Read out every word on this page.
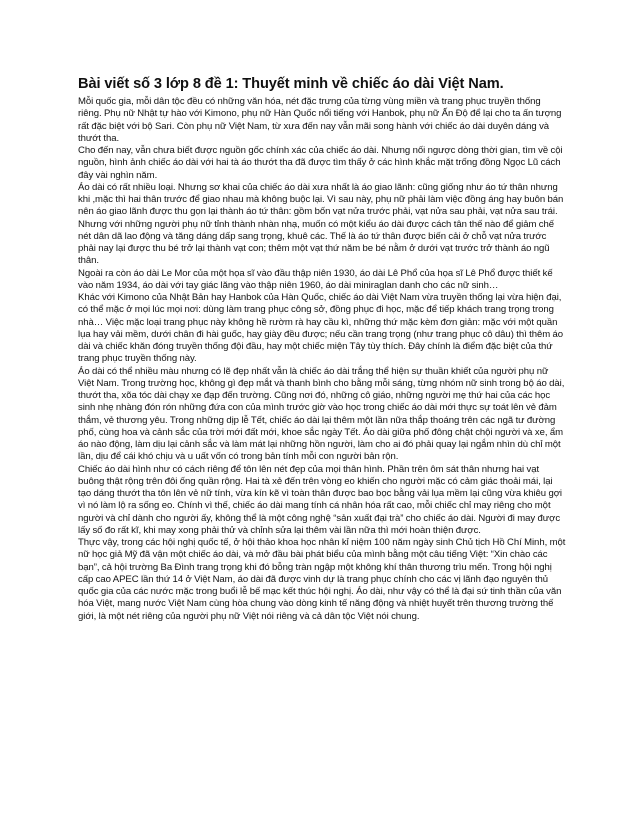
Bài viết số 3 lớp 8 đề 1: Thuyết minh về chiếc áo dài Việt Nam.

Mỗi quốc gia, mỗi dân tộc đều có những văn hóa, nét đặc trưng của từng vùng miền và trang phục truyền thống riêng. Phụ nữ Nhật tự hào với Kimono, phụ nữ Hàn Quốc nổi tiếng với Hanbok, phụ nữ Ấn Độ để lại cho ta ấn tượng rất đặc biệt với bộ Sari. Còn phụ nữ Việt Nam, từ xưa đến nay vẫn mãi song hành với chiếc áo dài duyên dáng và thướt tha.

Cho đến nay, vẫn chưa biết được nguồn gốc chính xác của chiếc áo dài. Nhưng nối ngược dòng thời gian, tìm về cội nguồn, hình ảnh chiếc áo dài với hai tà áo thướt tha đã được tìm thấy ở các hình khắc mặt trống đồng Ngọc Lũ cách đây vài nghìn năm.

Áo dài có rất nhiều loại. Nhưng sơ khai của chiếc áo dài xưa nhất là áo giao lãnh: cũng giống như áo tứ thân nhưng khi ,mặc thì hai thân trước để giao nhau mà không buộc lại. Vì sau này, phụ nữ phải làm việc đồng áng hay buôn bán nên áo giao lãnh được thu gọn lại thành áo tứ thân: gồm bốn vạt nửa trước phải, vạt nửa sau phải, vạt nửa sau trái. Nhưng với những người phụ nữ tỉnh thành nhàn nhạ, muốn có một kiểu áo dài được cách tân thế nào để giảm chế nét dân dã lao động và tăng dáng dấp sang trọng, khuê các. Thế là áo tứ thân được biến cải ở chỗ vạt nửa trước phải nay lại được thu bé trở lại thành vạt con; thêm một vạt thứ năm be bé nằm ở dưới vạt trước trở thành áo ngũ thân.

Ngoài ra còn áo dài Le Mor của một họa sĩ vào đầu thập niên 1930, áo dài Lê Phổ của họa sĩ Lê Phổ được thiết kế vào năm 1934, áo dài với tay giác lăng vào thập niên 1960, áo dài miniraglan danh cho các nữ sinh…

Khác với Kimono của Nhật Bản hay Hanbok của Hàn Quốc, chiếc áo dài Việt Nam vừa truyền thống lại vừa hiện đại, có thể mặc ở mọi lúc mọi nơi: dùng làm trang phục công sở, đồng phục đi học, mặc để tiếp khách trang trọng trong nhà… Việc mặc loại trang phục này không hề rườm rà hay cầu kì, những thứ mặc kèm đơn giản: mặc với một quần lụa hay vải mềm, dưới chân đi hài guốc, hay giày đều được; nếu cần trang trọng (như trang phục cô dâu) thì thêm áo dài và chiếc khăn đóng truyền thống đội đầu, hay một chiếc miện Tây tùy thích. Đây chính là điểm đặc biệt của thứ trang phục truyền thống này.

Áo dài có thể nhiều màu nhưng có lẽ đẹp nhất vẫn là chiếc áo dài trắng thể hiện sự thuần khiết của người phụ nữ Việt Nam. Trong trường học, không gì đẹp mắt và thanh bình cho bằng mỗi sáng, từng nhóm nữ sinh trong bộ áo dài, thướt tha, xõa tóc dài chạy xe đạp đến trường. Cũng nơi đó, những cô giáo, những người mẹ thứ hai của các học sinh nhẹ nhàng đón rón những đứa con của mình trước giờ vào học trong chiếc áo dài mới thực sự toát lên vẻ đảm thắm, vẻ thương yêu. Trong những dịp lễ Tết, chiếc áo dài lại thêm một lần nữa thắp thoáng trên các ngã tư đường phố, cùng hoa và cảnh sắc của trời mới đất mới, khoe sắc ngày Tết. Áo dài giữa phố đông chật chội người và xe, ẩm áo nào động, làm dịu lại cảnh sắc và làm mát lại những hồn người, làm cho ai đó phải quay lại ngắm nhìn dù chỉ một lần, dịu để cái khó chịu và u uất vốn có trong bản tính mỗi con người bản rộn.

Chiếc áo dài hình như có cách riêng để tôn lên nét đẹp của mọi thân hình. Phần trên ôm sát thân nhưng hai vạt buông thật rộng trên đôi ống quần rộng. Hai tà xẻ đến trên vòng eo khiến cho người mặc có cảm giác thoải mái, lại tạo dáng thướt tha tôn lên vẻ nữ tính, vừa kín kẽ vì toàn thân được bao bọc bằng vải lụa mềm lại cũng vừa khiêu gợi vì nó làm lộ ra sống eo. Chính vì thế, chiếc áo dài mang tính cá nhân hóa rất cao, mỗi chiếc chỉ may riêng cho một người và chỉ dành cho người ấy, không thể là một công nghệ “sản xuất đại trà” cho chiếc áo dài. Người đi may được lấy số đo rất kĩ, khi may xong phải thử và chỉnh sửa lại thêm vài lần nữa thì mới hoàn thiện được.

Thực vậy, trong các hội nghị quốc tế, ở hội thảo khoa học nhân kỉ niệm 100 năm ngày sinh Chủ tịch Hồ Chí Minh, một nữ học giả Mỹ đã vận một chiếc áo dài, và mở đầu bài phát biểu của mình bằng một câu tiếng Việt: “Xin chào các bạn”, cả hội trường Ba Đình trang trọng khi đó bỗng tràn ngập một không khí thân thương trìu mến. Trong hội nghị cấp cao APEC lần thứ 14 ở Việt Nam, áo dài đã được vinh dự là trang phục chính cho các vị lãnh đạo nguyên thủ quốc gia của các nước mặc trong buổi lễ bế mạc kết thúc hội nghị. Áo dài, như vậy có thể là đại sứ tinh thần của văn hóa Việt, mang nước Việt Nam cùng hòa chung vào dòng kinh tế năng động và nhiệt huyết trên thương trường thế giới, là một nét riêng của người phụ nữ Việt nói riêng và cả dân tộc Việt nói chung.
